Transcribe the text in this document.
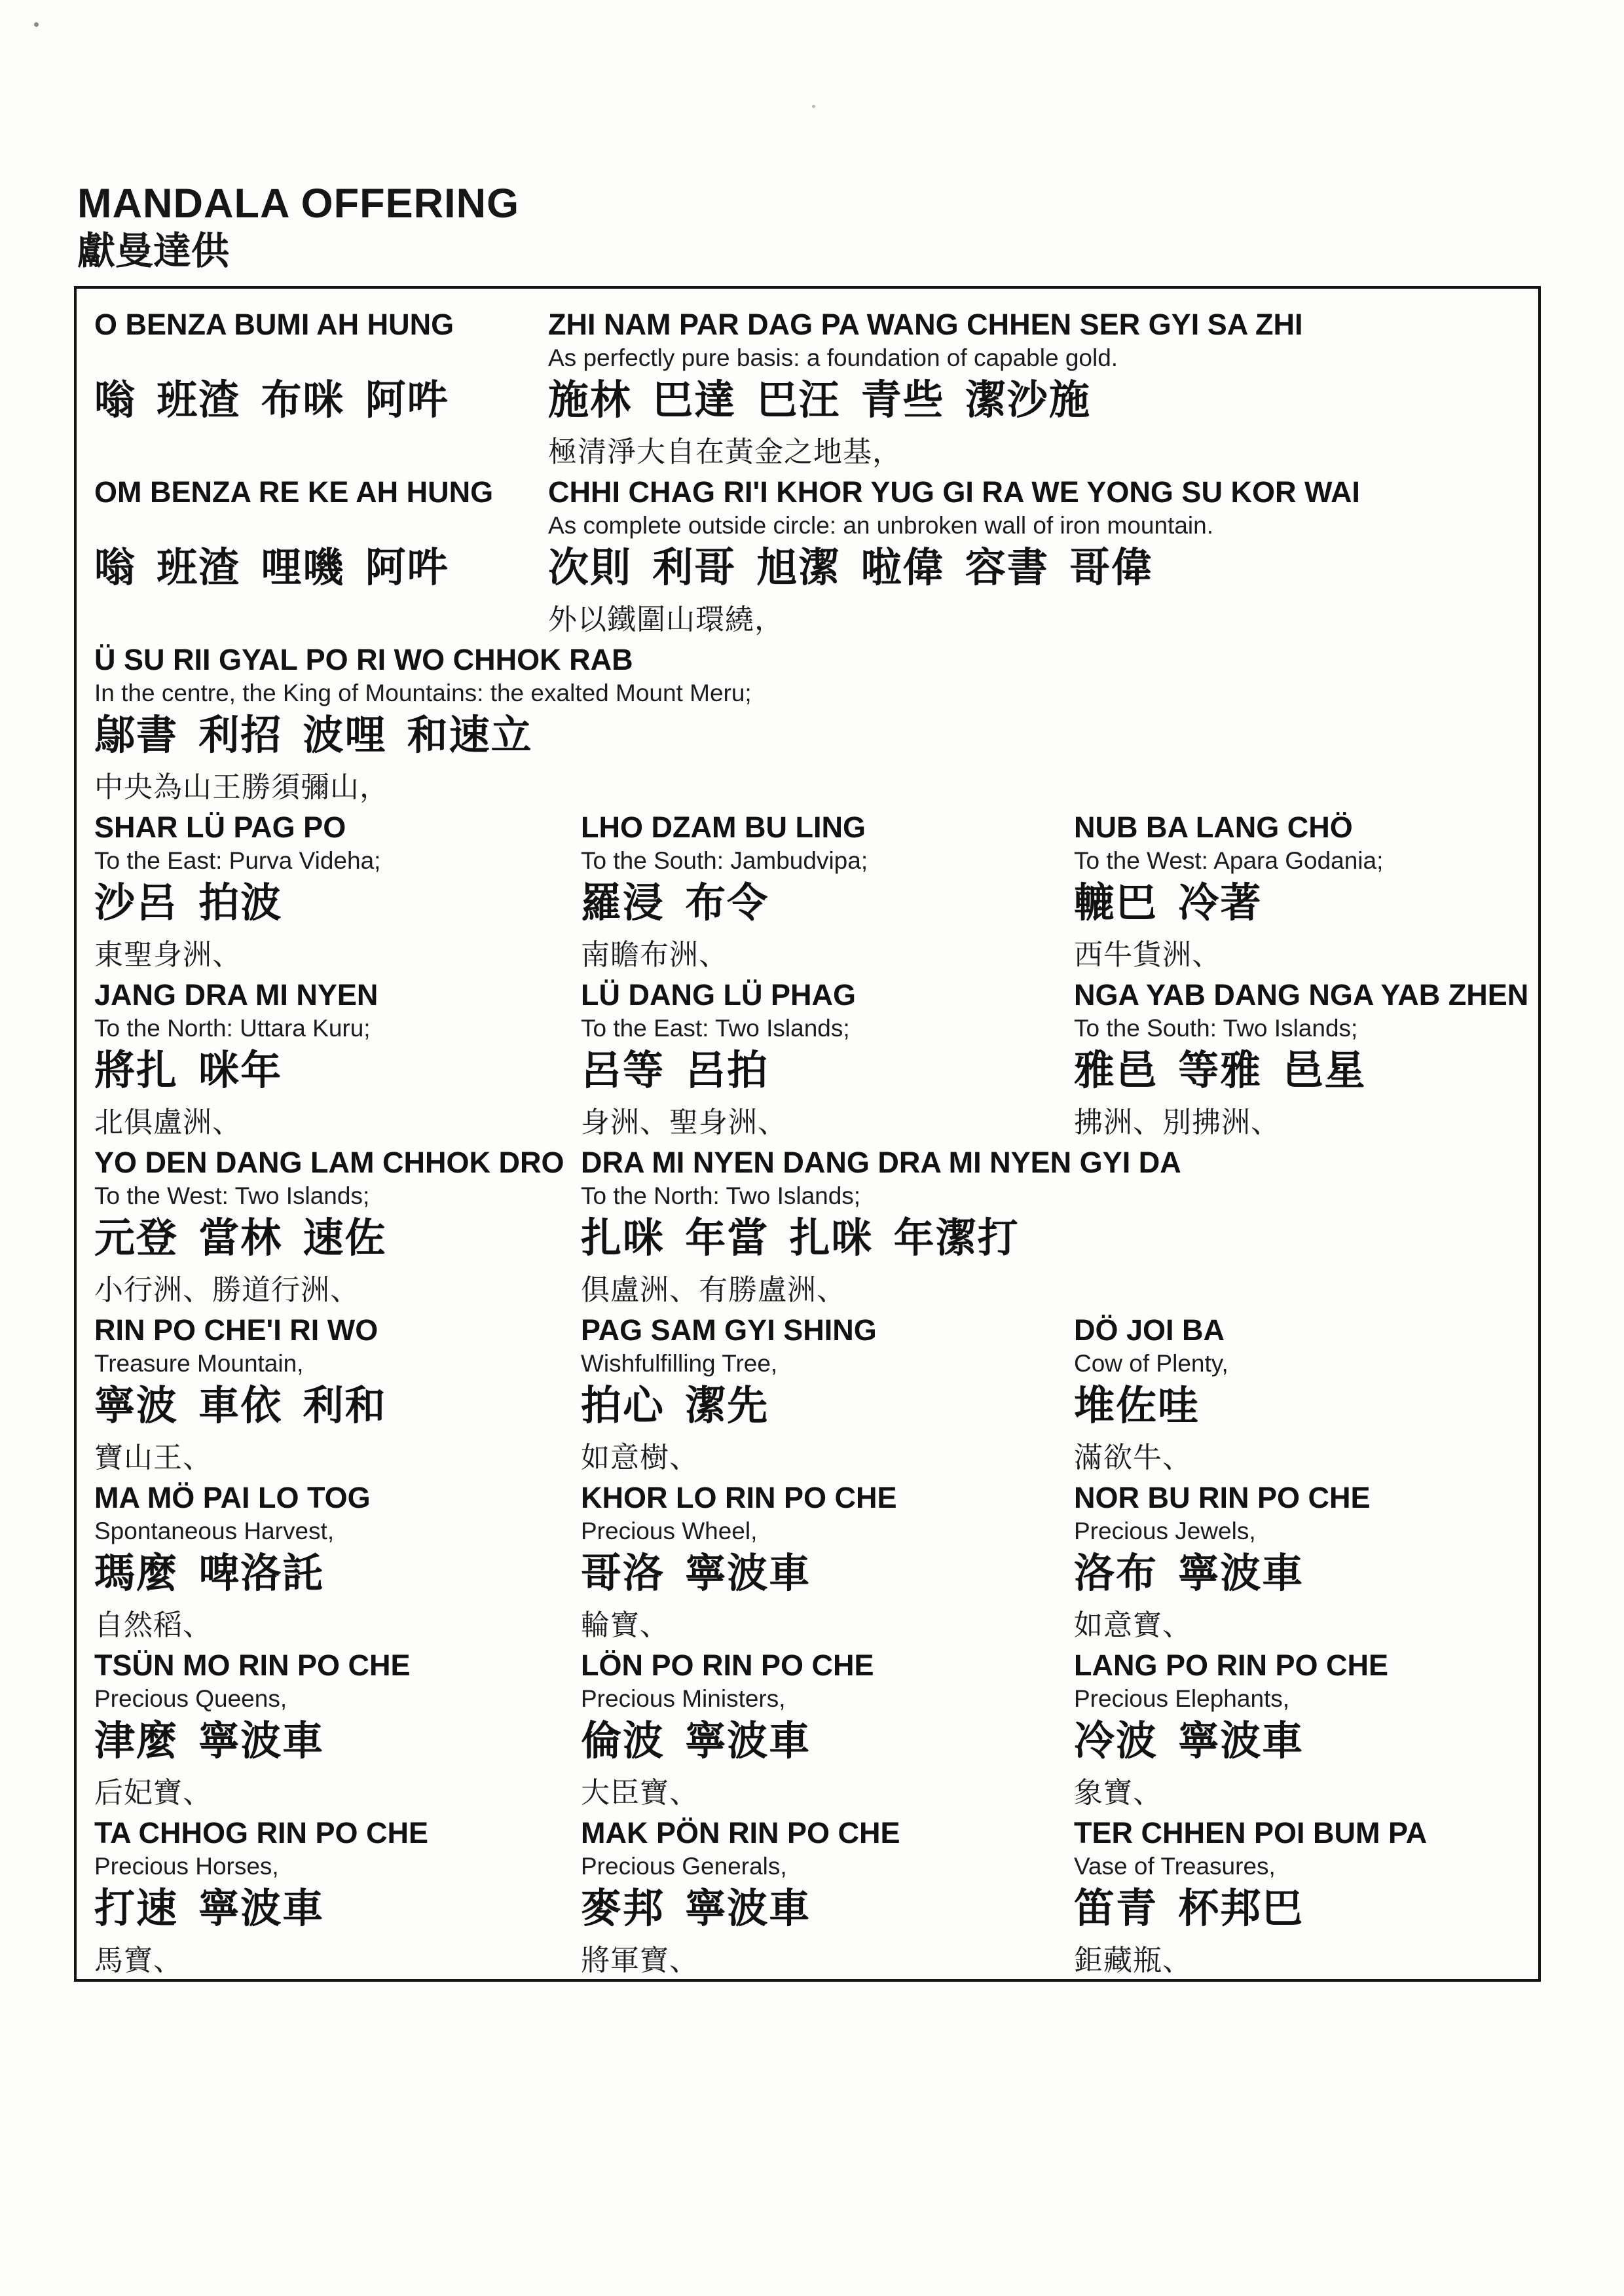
MANDALA OFFERING
獻曼達供
O BENZA BUMI AH HUNG
嗡 班渣 布咪 阿吽
ZHI NAM PAR DAG PA WANG CHHEN SER GYI SA ZHI
As perfectly pure basis: a foundation of capable gold.
施林 巴達 巴汪 青些 潔沙施
極清淨大自在黃金之地基，
OM BENZA RE KE AH HUNG
嗡 班渣 哩嘰 阿吽
CHHI CHAG RI'I KHOR YUG GI RA WE YONG SU KOR WAI
As complete outside circle: an unbroken wall of iron mountain.
次則 利哥 旭潔 啦偉 容書 哥偉
外以鐵圍山環繞，
Ü SU RII GYAL PO RI WO CHHOK RAB
In the centre, the King of Mountains: the exalted Mount Meru;
鄔書 利招 波哩 和速立
中央為山王勝須彌山，
SHAR LÜ PAG PO
To the East: Purva Videha;
沙呂 拍波
東聖身洲、
LHO DZAM BU LING
To the South: Jambudvipa;
羅浸 布令
南瞻布洲、
NUB BA LANG CHÖ
To the West: Apara Godania;
轆巴 冷著
西牛貨洲、
JANG DRA MI NYEN
To the North: Uttara Kuru;
將扎 咪年
北俱盧洲、
LÜ DANG LÜ PHAG
To the East: Two Islands;
呂等 呂拍
身洲、聖身洲、
NGA YAB DANG NGA YAB ZHEN
To the South: Two Islands;
雅邑 等雅 邑星
拂洲、別拂洲、
YO DEN DANG LAM CHHOK DRO
To the West: Two Islands;
元登 當林 速佐
小行洲、勝道行洲、
DRA MI NYEN DANG DRA MI NYEN GYI DA
To the North: Two Islands;
扎咪 年當 扎咪 年潔打
俱盧洲、有勝盧洲、
RIN PO CHE'I RI WO
Treasure Mountain,
寧波 車依 利和
寶山王、
PAG SAM GYI SHING
Wishfulfilling Tree,
拍心 潔先
如意樹、
DÖ JOI BA
Cow of Plenty,
堆佐哇
滿欲牛、
MA MÖ PAI LO TOG
Spontaneous Harvest,
瑪麼 啤洛託
自然稻、
KHOR LO RIN PO CHE
Precious Wheel,
哥洛 寧波車
輪寶、
NOR BU RIN PO CHE
Precious Jewels,
洛布 寧波車
如意寶、
TSÜN MO RIN PO CHE
Precious Queens,
津麼 寧波車
后妃寶、
LÖN PO RIN PO CHE
Precious Ministers,
倫波 寧波車
大臣寶、
LANG PO RIN PO CHE
Precious Elephants,
冷波 寧波車
象寶、
TA CHHOG RIN PO CHE
Precious Horses,
打速 寧波車
馬寶、
MAK PÖN RIN PO CHE
Precious Generals,
麥邦 寧波車
將軍寶、
TER CHHEN POI BUM PA
Vase of Treasures,
笛青 杯邦巴
鉅藏瓶、
